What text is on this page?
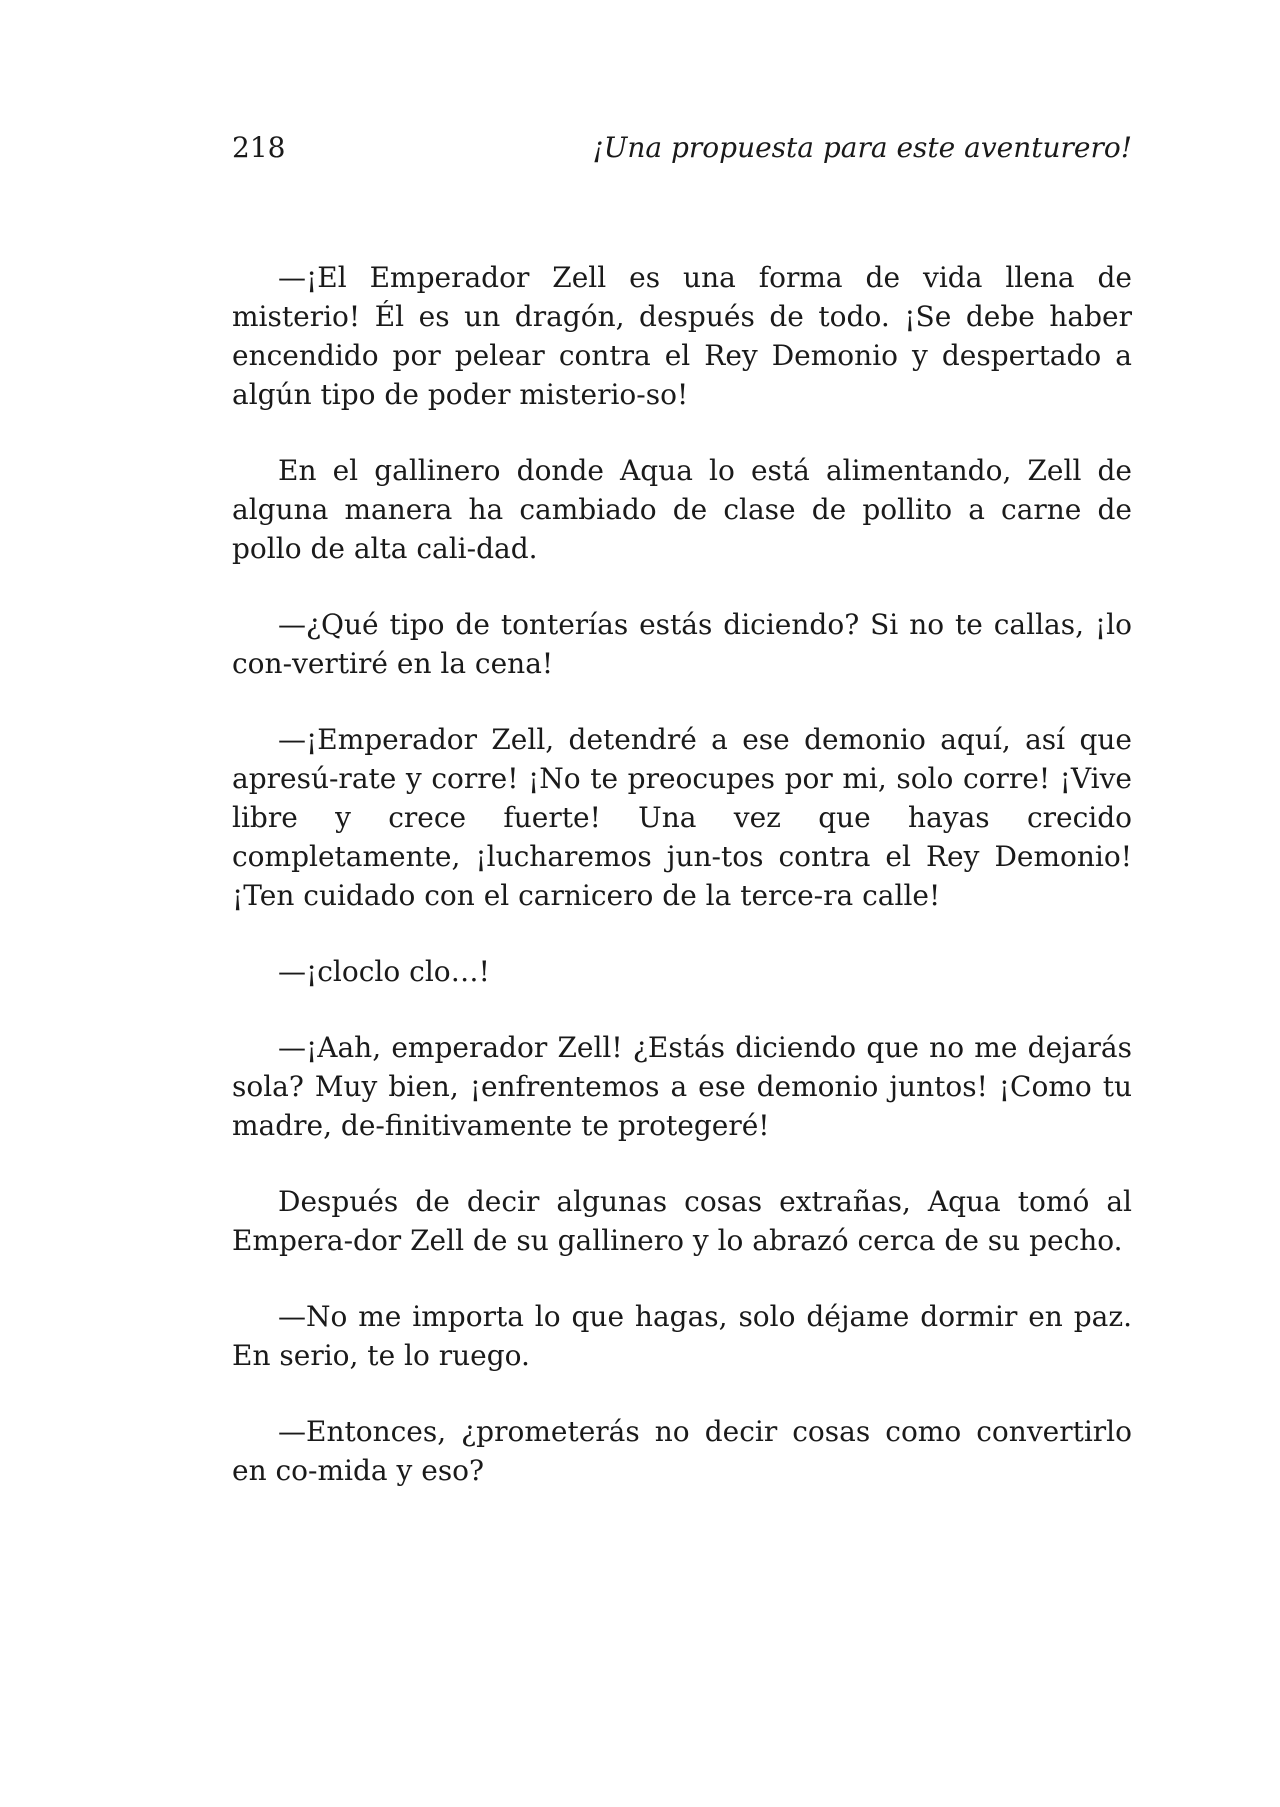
218	¡Una propuesta para este aventurero!

—¡El Emperador Zell es una forma de vida llena de misterio! Él es un dragón, después de todo. ¡Se debe haber encendido por pelear contra el Rey Demonio y despertado a algún tipo de poder misterio-so!

En el gallinero donde Aqua lo está alimentando, Zell de alguna manera ha cambiado de clase de pollito a carne de pollo de alta cali-dad.

—¿Qué tipo de tonterías estás diciendo? Si no te callas, ¡lo con-vertiré en la cena!

—¡Emperador Zell, detendré a ese demonio aquí, así que apresú-rate y corre! ¡No te preocupes por mi, solo corre! ¡Vive libre y crece fuerte! Una vez que hayas crecido completamente, ¡lucharemos jun-tos contra el Rey Demonio! ¡Ten cuidado con el carnicero de la terce-ra calle!

—¡cloclo clo…!

—¡Aah, emperador Zell! ¿Estás diciendo que no me dejarás sola? Muy bien, ¡enfrentemos a ese demonio juntos! ¡Como tu madre, de-finitivamente te protegeré!

Después de decir algunas cosas extrañas, Aqua tomó al Empera-dor Zell de su gallinero y lo abrazó cerca de su pecho.

—No me importa lo que hagas, solo déjame dormir en paz. En serio, te lo ruego.

—Entonces, ¿prometerás no decir cosas como convertirlo en co-mida y eso?
